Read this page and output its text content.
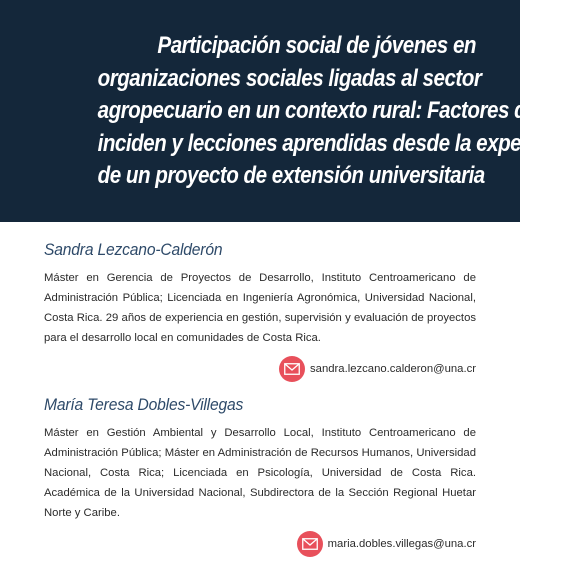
Participación social de jóvenes en
organizaciones sociales ligadas al sector
agropecuario en un contexto rural: Factores que
inciden y lecciones aprendidas desde la experiencia
de un proyecto de extensión universitaria
Sandra Lezcano-Calderón

Máster en Gerencia de Proyectos de Desarrollo, Instituto Centroamericano de Administración Pública; Licenciada en Ingeniería Agronómica, Universidad Nacional, Costa Rica. 29 años de experiencia en gestión, supervisión y evaluación de proyectos para el desarrollo local en comunidades de Costa Rica.

sandra.lezcano.calderon@una.cr
María Teresa Dobles-Villegas

Máster en Gestión Ambiental y Desarrollo Local, Instituto Centroamericano de Administración Pública; Máster en Administración de Recursos Humanos, Universidad Nacional, Costa Rica; Licenciada en Psicología, Universidad de Costa Rica. Académica de la Universidad Nacional, Subdirectora de la Sección Regional Huetar Norte y Caribe.

maria.dobles.villegas@una.cr
